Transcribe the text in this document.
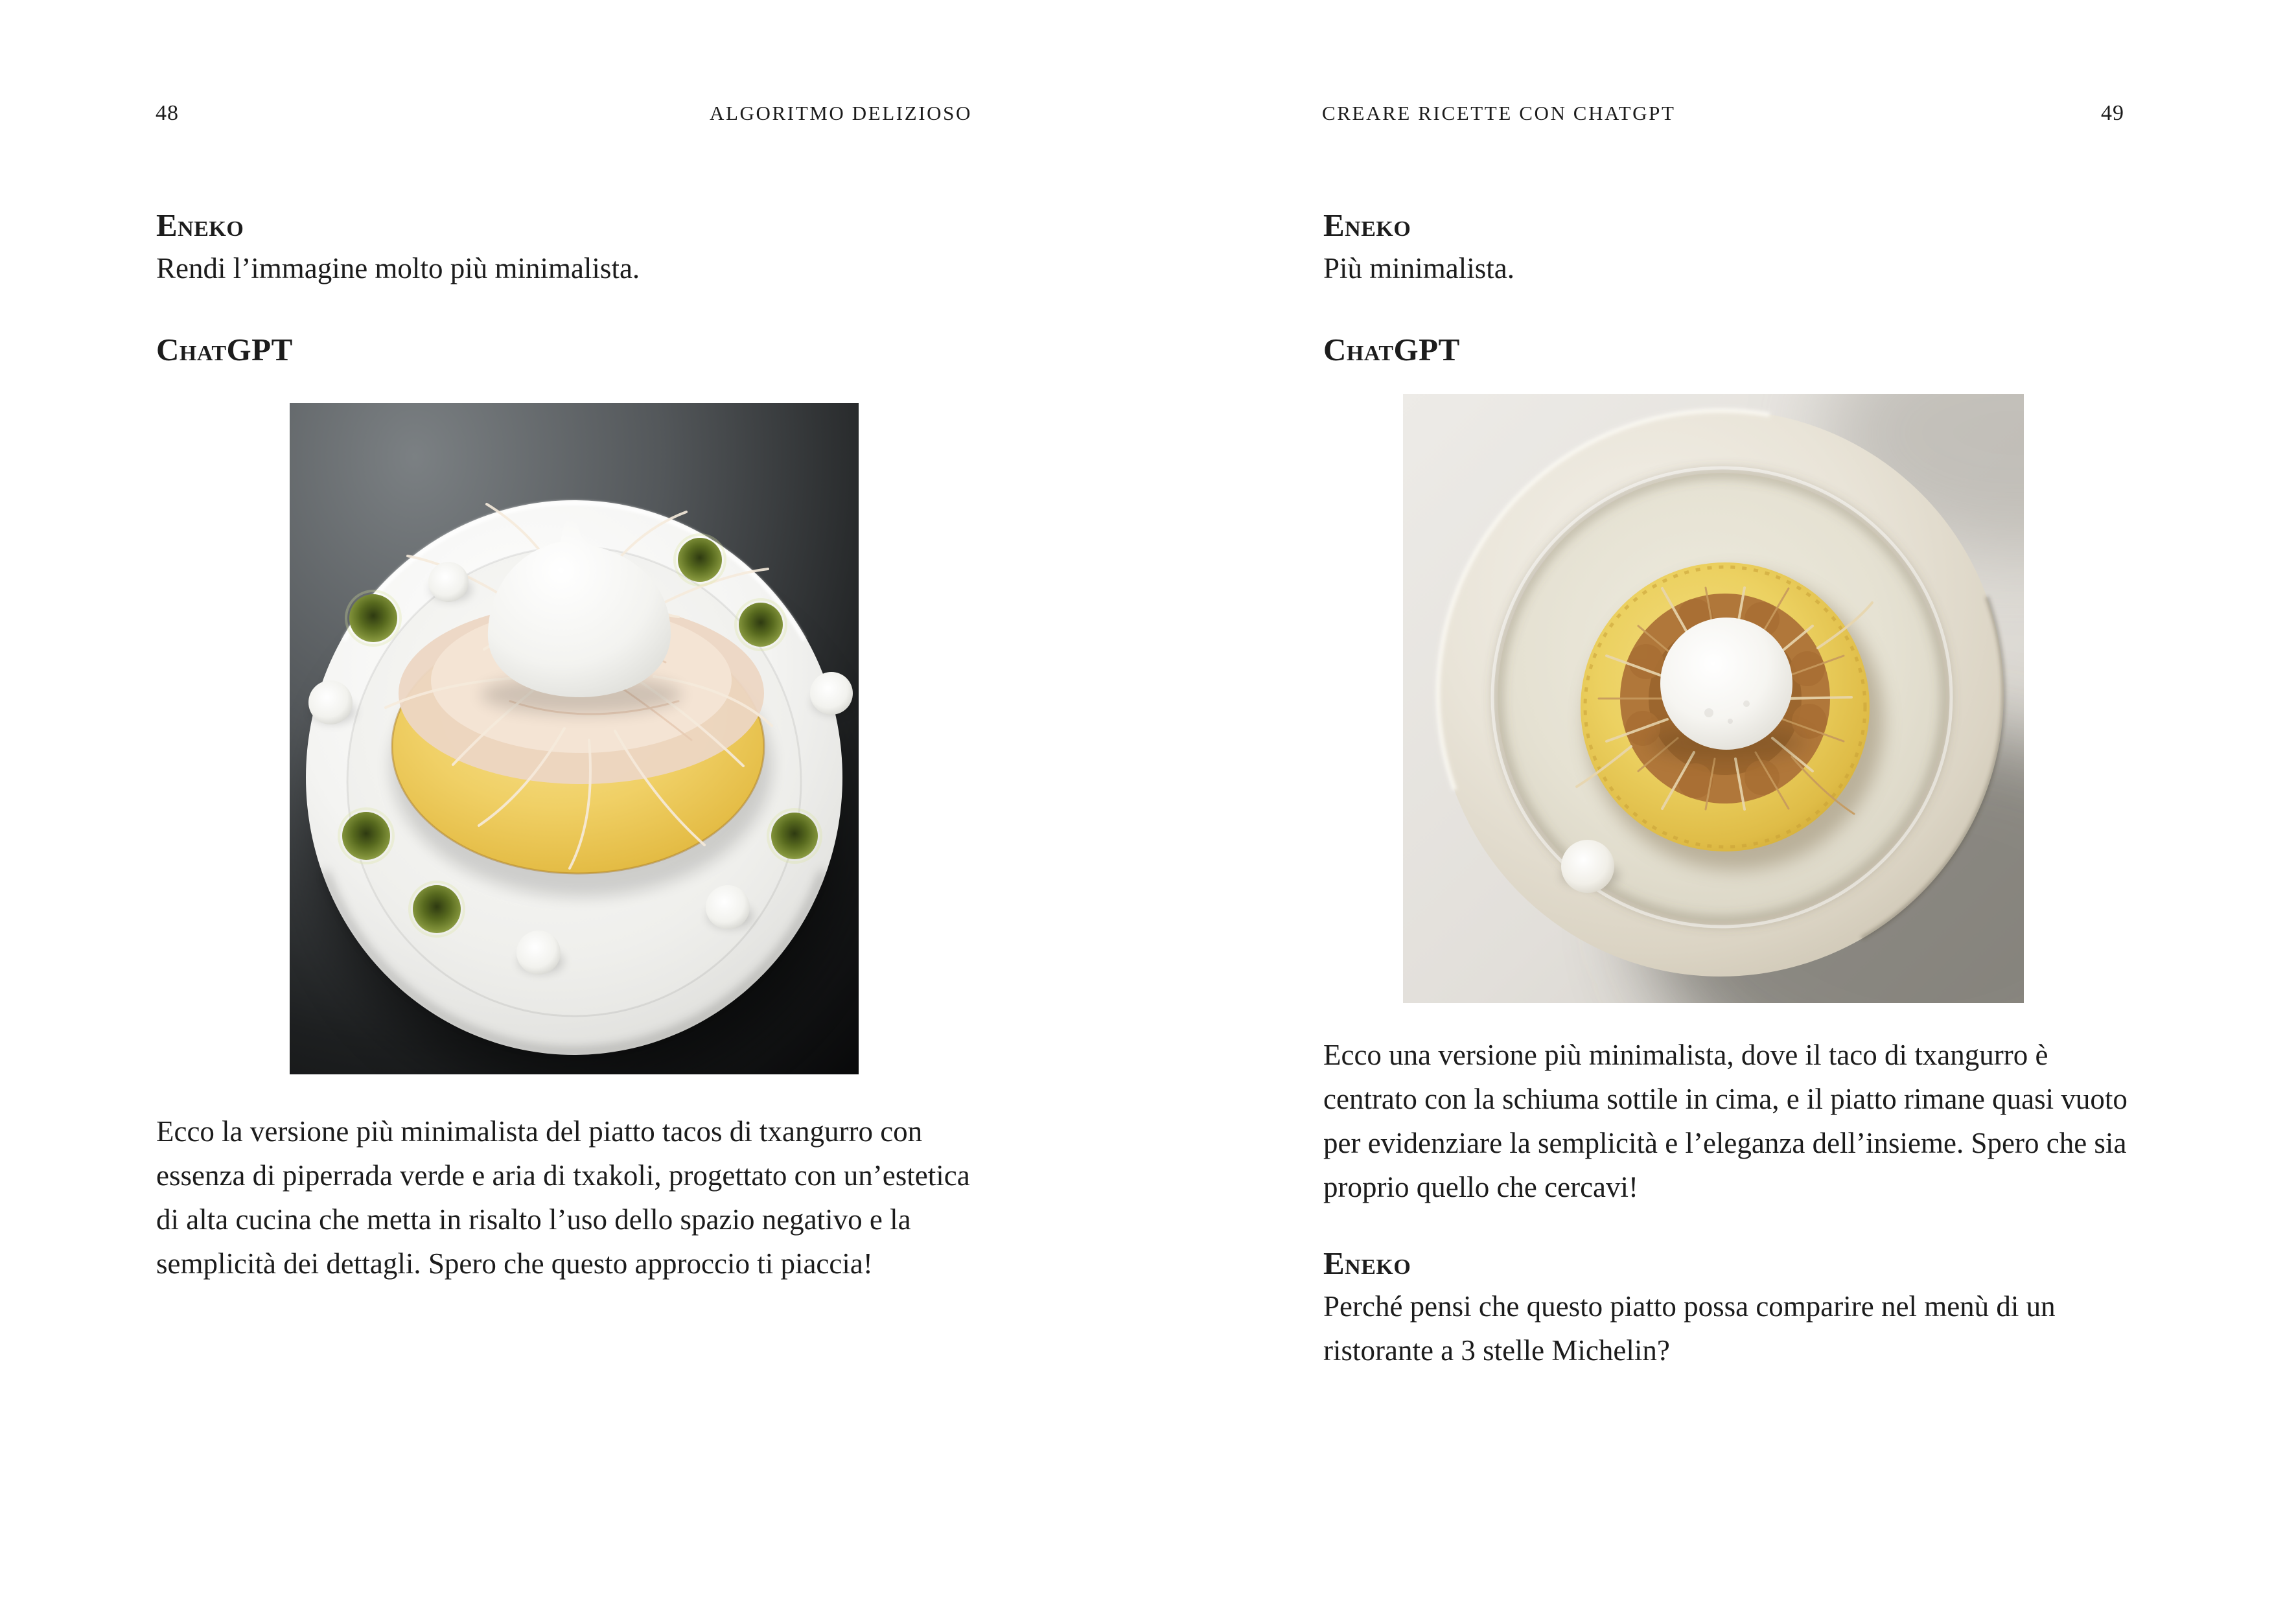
48	ALGORITMO DELIZIOSO
Eneko
Rendi l’immagine molto più minimalista.
ChatGPT
Ecco la versione più minimalista del piatto tacos di txangurro con essenza di piperrada verde e aria di txakoli, progettato con un’estetica di alta cucina che metta in risalto l’uso dello spazio negativo e la semplicità dei dettagli. Spero che questo approccio ti piaccia!
CREARE RICETTE CON CHATGPT	49
Eneko
Più minimalista.
ChatGPT
Ecco una versione più minimalista, dove il taco di txangurro è centrato con la schiuma sottile in cima, e il piatto rimane quasi vuoto per evidenziare la semplicità e l’eleganza dell’insieme. Spero che sia proprio quello che cercavi!
Eneko
Perché pensi che questo piatto possa comparire nel menù di un ristorante a 3 stelle Michelin?
